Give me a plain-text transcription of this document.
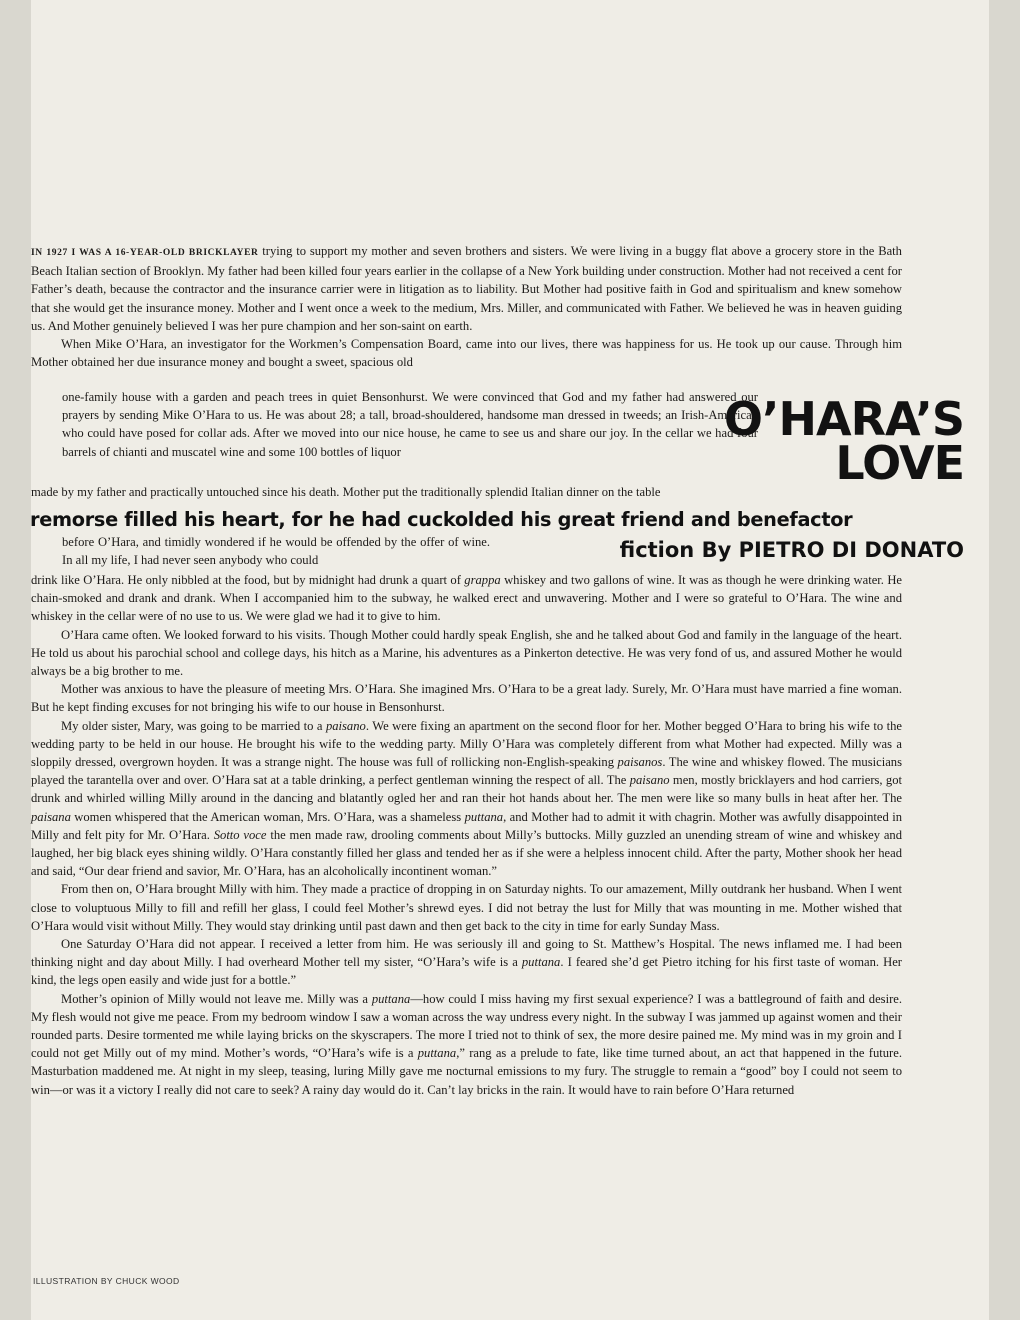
IN 1927 I WAS A 16-YEAR-OLD BRICKLAYER trying to support my mother and seven brothers and sisters. We were living in a buggy flat above a grocery store in the Bath Beach Italian section of Brooklyn. My father had been killed four years earlier in the collapse of a New York building under construction. Mother had not received a cent for Father’s death, because the contractor and the insurance carrier were in litigation as to liability. But Mother had positive faith in God and spiritualism and knew somehow that she would get the insurance money. Mother and I went once a week to the medium, Mrs. Miller, and communicated with Father. We believed he was in heaven guiding us. And Mother genuinely believed I was her pure champion and her son-saint on earth.

When Mike O’Hara, an investigator for the Workmen’s Compensation Board, came into our lives, there was happiness for us. He took up our cause. Through him Mother obtained her due insurance money and bought a sweet, spacious old

one-family house with a garden and peach trees in quiet Bensonhurst. We were convinced that God and my father had answered our prayers by sending Mike O’Hara to us. He was about 28; a tall, broad-shouldered, handsome man dressed in tweeds; an Irish-American who could have posed for collar ads. After we moved into our nice house, he came to see us and share our joy. In the cellar we had four barrels of chianti and muscatel wine and some 100 bottles of liquor

O’HARA’S
LOVE

made by my father and practically untouched since his death. Mother put the traditionally splendid Italian dinner on the table

remorse filled his heart, for he had cuckolded his great friend and benefactor

before O’Hara, and timidly wondered if he would be offended by the offer of wine. In all my life, I had never seen anybody who could	fiction By PIETRO DI DONATO

drink like O’Hara. He only nibbled at the food, but by midnight had drunk a quart of grappa whiskey and two gallons of wine. It was as though he were drinking water. He chain-smoked and drank and drank. When I accompanied him to the subway, he walked erect and unwavering. Mother and I were so grateful to O’Hara. The wine and whiskey in the cellar were of no use to us. We were glad we had it to give to him.

O’Hara came often. We looked forward to his visits. Though Mother could hardly speak English, she and he talked about God and family in the language of the heart. He told us about his parochial school and college days, his hitch as a Marine, his adventures as a Pinkerton detective. He was very fond of us, and assured Mother he would always be a big brother to me.

Mother was anxious to have the pleasure of meeting Mrs. O’Hara. She imagined Mrs. O’Hara to be a great lady. Surely, Mr. O’Hara must have married a fine woman. But he kept finding excuses for not bringing his wife to our house in Bensonhurst.

My older sister, Mary, was going to be married to a paisano. We were fixing an apartment on the second floor for her. Mother begged O’Hara to bring his wife to the wedding party to be held in our house. He brought his wife to the wedding party. Milly O’Hara was completely different from what Mother had expected. Milly was a sloppily dressed, overgrown hoyden. It was a strange night. The house was full of rollicking non-English-speaking paisanos. The wine and whiskey flowed. The musicians played the tarantella over and over. O’Hara sat at a table drinking, a perfect gentleman winning the respect of all. The paisano men, mostly bricklayers and hod carriers, got drunk and whirled willing Milly around in the dancing and blatantly ogled her and ran their hot hands about her. The men were like so many bulls in heat after her. The paisana women whispered that the American woman, Mrs. O’Hara, was a shameless puttana, and Mother had to admit it with chagrin. Mother was awfully disappointed in Milly and felt pity for Mr. O’Hara. Sotto voce the men made raw, drooling comments about Milly’s buttocks. Milly guzzled an unending stream of wine and whiskey and laughed, her big black eyes shining wildly. O’Hara constantly filled her glass and tended her as if she were a helpless innocent child. After the party, Mother shook her head and said, “Our dear friend and savior, Mr. O’Hara, has an alcoholically incontinent woman.”

From then on, O’Hara brought Milly with him. They made a practice of dropping in on Saturday nights. To our amazement, Milly outdrank her husband. When I went close to voluptuous Milly to fill and refill her glass, I could feel Mother’s shrewd eyes. I did not betray the lust for Milly that was mounting in me. Mother wished that O’Hara would visit without Milly. They would stay drinking until past dawn and then get back to the city in time for early Sunday Mass.

One Saturday O’Hara did not appear. I received a letter from him. He was seriously ill and going to St. Matthew’s Hospital. The news inflamed me. I had been thinking night and day about Milly. I had overheard Mother tell my sister, “O’Hara’s wife is a puttana. I feared she’d get Pietro itching for his first taste of woman. Her kind, the legs open easily and wide just for a bottle.”

Mother’s opinion of Milly would not leave me. Milly was a puttana—how could I miss having my first sexual experience? I was a battleground of faith and desire. My flesh would not give me peace. From my bedroom window I saw a woman across the way undress every night. In the subway I was jammed up against women and their rounded parts. Desire tormented me while laying bricks on the skyscrapers. The more I tried not to think of sex, the more desire pained me. My mind was in my groin and I could not get Milly out of my mind. Mother’s words, “O’Hara’s wife is a puttana,” rang as a prelude to fate, like time turned about, an act that happened in the future. Masturbation maddened me. At night in my sleep, teasing, luring Milly gave me nocturnal emissions to my fury. The struggle to remain a “good” boy I could not seem to win—or was it a victory I really did not care to seek? A rainy day would do it. Can’t lay bricks in the rain. It would have to rain before O’Hara returned

ILLUSTRATION BY CHUCK WOOD
